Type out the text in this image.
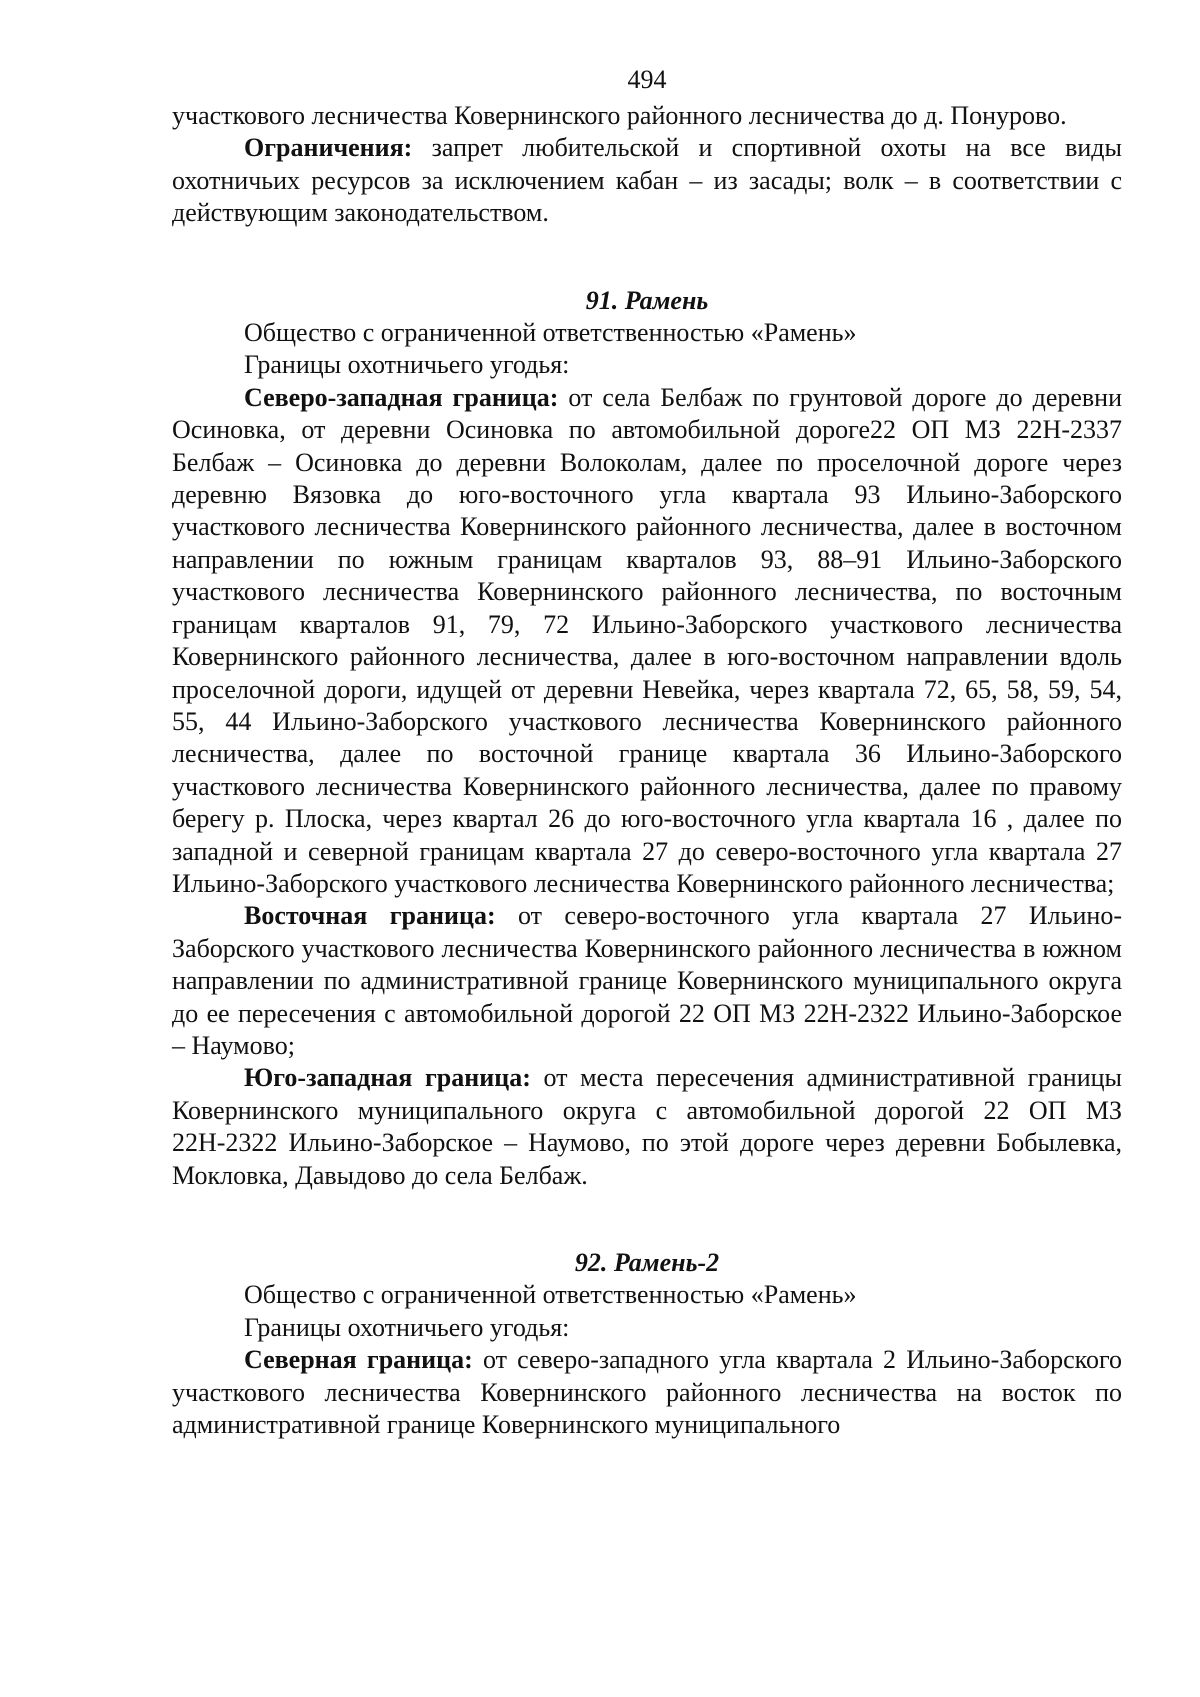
494

участкового лесничества Ковернинского районного лесничества до д. Понурово.

Ограничения: запрет любительской и спортивной охоты на все виды охотничьих ресурсов за исключением кабан – из засады; волк – в соответствии с действующим законодательством.

91. Рамень

Общество с ограниченной ответственностью «Рамень»

Границы охотничьего угодья:

Северо-западная граница: от села Белбаж по грунтовой дороге до деревни Осиновка, от деревни Осиновка по автомобильной дороге22 ОП МЗ 22Н-2337 Белбаж – Осиновка до деревни Волоколам, далее по проселочной дороге через деревню Вязовка до юго-восточного угла квартала 93 Ильино-Заборского участкового лесничества Ковернинского районного лесничества, далее в восточном направлении по южным границам кварталов 93, 88–91 Ильино-Заборского участкового лесничества Ковернинского районного лесничества, по восточным границам кварталов 91, 79, 72 Ильино-Заборского участкового лесничества Ковернинского районного лесничества, далее в юго-восточном направлении вдоль проселочной дороги, идущей от деревни Невейка, через квартала 72, 65, 58, 59, 54, 55, 44 Ильино-Заборского участкового лесничества Ковернинского районного лесничества, далее по восточной границе квартала 36 Ильино-Заборского участкового лесничества Ковернинского районного лесничества, далее по правому берегу р. Плоска, через квартал 26 до юго-восточного угла квартала 16 , далее по западной и северной границам квартала 27 до северо-восточного угла квартала 27 Ильино-Заборского участкового лесничества Ковернинского районного лесничества;

Восточная граница: от северо-восточного угла квартала 27 Ильино-Заборского участкового лесничества Ковернинского районного лесничества в южном направлении по административной границе Ковернинского муниципального округа до ее пересечения с автомобильной дорогой 22 ОП МЗ 22Н-2322 Ильино-Заборское – Наумово;

Юго-западная граница: от места пересечения административной границы Ковернинского муниципального округа с автомобильной дорогой 22 ОП МЗ 22Н-2322 Ильино-Заборское – Наумово, по этой дороге через деревни Бобылевка, Мокловка, Давыдово до села Белбаж.

92. Рамень-2

Общество с ограниченной ответственностью «Рамень»

Границы охотничьего угодья:

Северная граница: от северо-западного угла квартала 2 Ильино-Заборского участкового лесничества Ковернинского районного лесничества на восток по административной границе Ковернинского муниципального
